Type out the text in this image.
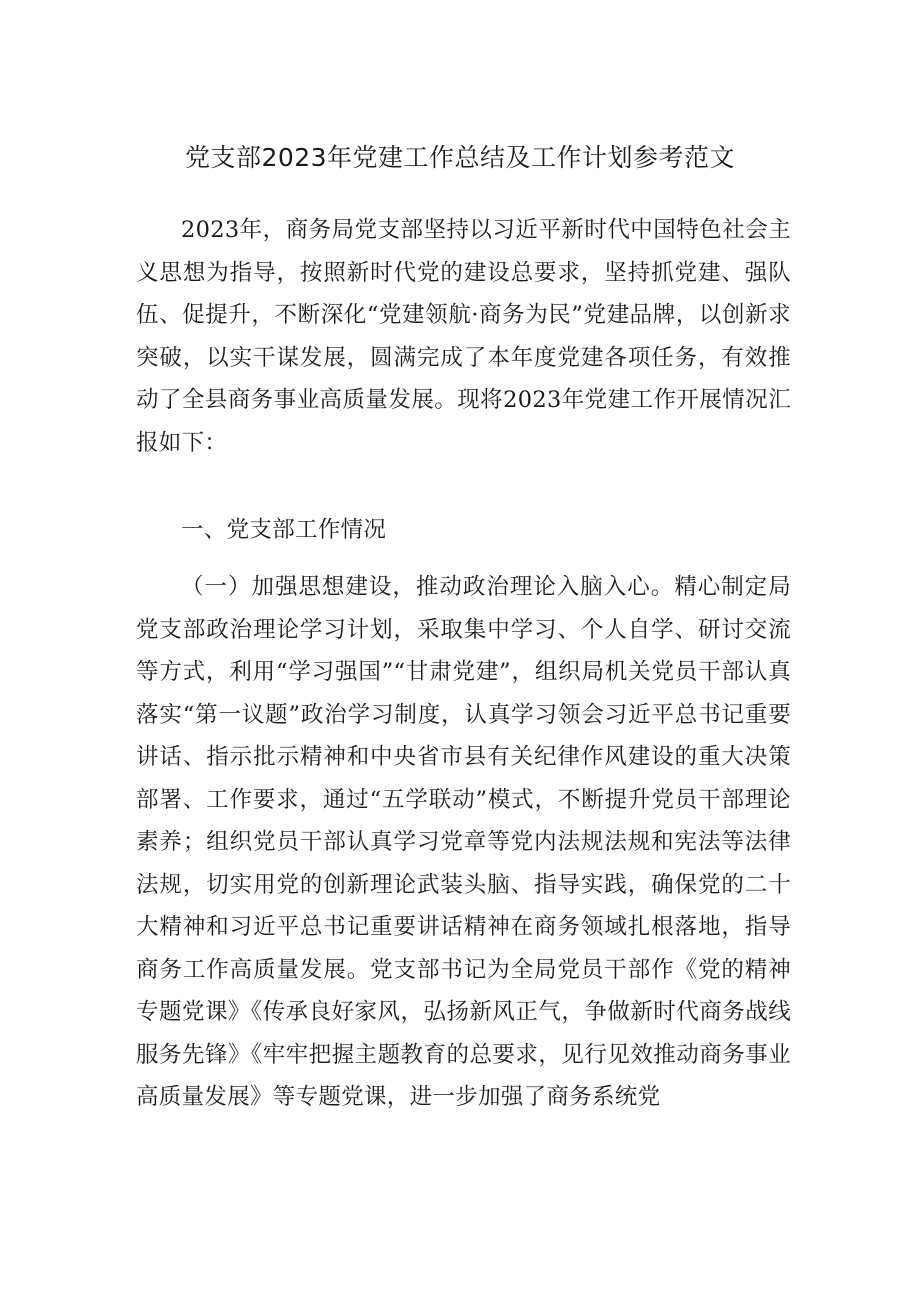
党支部2023年党建工作总结及工作计划参考范文

2023年，商务局党支部坚持以习近平新时代中国特色社会主义思想为指导，按照新时代党的建设总要求，坚持抓党建、强队伍、促提升，不断深化“党建领航·商务为民”党建品牌，以创新求突破，以实干谋发展，圆满完成了本年度党建各项任务，有效推动了全县商务事业高质量发展。现将2023年党建工作开展情况汇报如下：

一、党支部工作情况

（一）加强思想建设，推动政治理论入脑入心。精心制定局党支部政治理论学习计划，采取集中学习、个人自学、研讨交流等方式，利用“学习强国”“甘肃党建”，组织局机关党员干部认真落实“第一议题”政治学习制度，认真学习领会习近平总书记重要讲话、指示批示精神和中央省市县有关纪律作风建设的重大决策部署、工作要求，通过“五学联动”模式，不断提升党员干部理论素养；组织党员干部认真学习党章等党内法规法规和宪法等法律法规，切实用党的创新理论武装头脑、指导实践，确保党的二十大精神和习近平总书记重要讲话精神在商务领域扎根落地，指导商务工作高质量发展。党支部书记为全局党员干部作《党的精神专题党课》《传承良好家风，弘扬新风正气，争做新时代商务战线服务先锋》《牢牢把握主题教育的总要求，见行见效推动商务事业高质量发展》等专题党课，进一步加强了商务系统党
